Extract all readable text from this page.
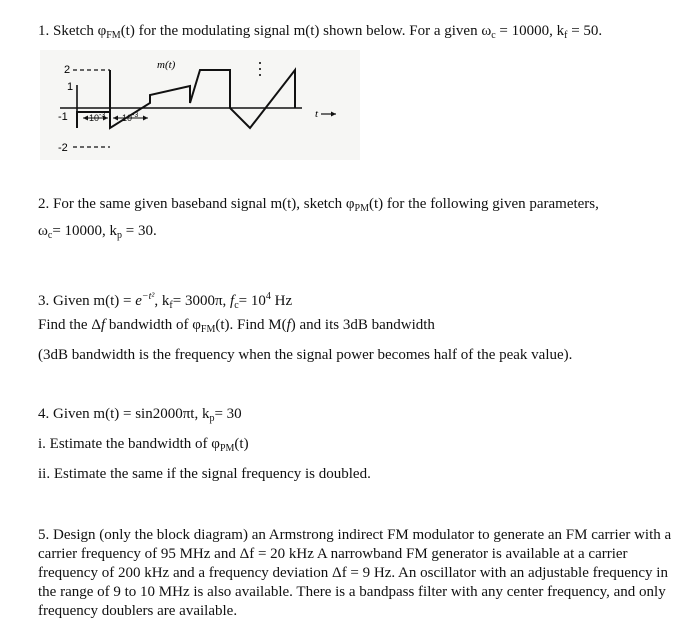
1. Sketch $\varphi_{FM}(t)$ for the modulating signal m(t) shown below. For a given $\omega_c = 10000$, $k_f = 50$.
m(t)
2
1
-1
-2
$10^{-3}$ $10^{-3}$	t
2. For the same given baseband signal m(t), sketch $\varphi_{PM}(t)$ for the following given parameters,
$\omega_c= 10000$, $k_p = 30$.
3. Given $m(t) = e^{-t^2}$, $k_f= 3000\pi$, $f_c= 10^4$ Hz
Find the Δf bandwidth of $\varphi_{FM}(t)$. Find M(f) and its 3dB bandwidth
(3dB bandwidth is the frequency when the signal power becomes half of the peak value).
4. Given m(t) = sin2000πt, $k_p= 30$
i. Estimate the bandwidth of $\varphi_{PM}(t)$
ii. Estimate the same if the signal frequency is doubled.
5. Design (only the block diagram) an Armstrong indirect FM modulator to generate an FM carrier with a
carrier frequency of 95 MHz and Δf = 20 kHz A narrowband FM generator is available at a carrier
frequency of 200 kHz and a frequency deviation Δf = 9 Hz. An oscillator with an adjustable frequency in
the range of 9 to 10 MHz is also available. There is a bandpass filter with any center frequency, and only
frequency doublers are available.
